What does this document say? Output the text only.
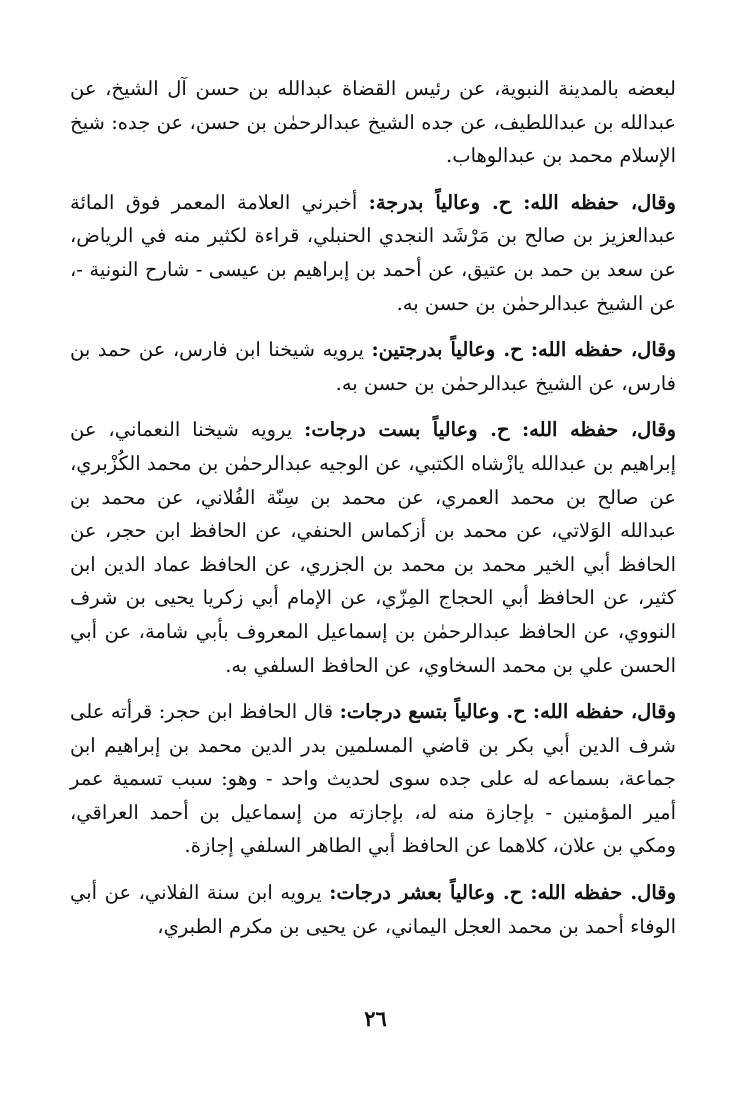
لبعضه بالمدينة النبوية، عن رئيس القضاة عبدالله بن حسن آل الشيخ، عن عبدالله بن عبداللطيف، عن جده الشيخ عبدالرحمٰن بن حسن، عن جده: شيخ الإسلام محمد بن عبدالوهاب.

وقال، حفظه الله: ح. وعالياً بدرجة: أخبرني العلامة المعمر فوق المائة عبدالعزيز بن صالح بن مَرْشَد النجدي الحنبلي، قراءة لكثير منه في الرياض، عن سعد بن حمد بن عتيق، عن أحمد بن إبراهيم بن عيسى - شارح النونية -، عن الشيخ عبدالرحمٰن بن حسن به.

وقال، حفظه الله: ح. وعالياً بدرجتين: يرويه شيخنا ابن فارس، عن حمد بن فارس، عن الشيخ عبدالرحمٰن بن حسن به.

وقال، حفظه الله: ح. وعالياً بست درجات: يرويه شيخنا النعماني، عن إبراهيم بن عبدالله يازْشاه الكتبي، عن الوجيه عبدالرحمٰن بن محمد الكُزْبري، عن صالح بن محمد العمري، عن محمد بن سِنّة الفُلاني، عن محمد بن عبدالله الوَلاتي، عن محمد بن أزكماس الحنفي، عن الحافظ ابن حجر، عن الحافظ أبي الخير محمد بن محمد بن الجزري، عن الحافظ عماد الدين ابن كثير، عن الحافظ أبي الحجاج المِزّي، عن الإمام أبي زكريا يحيى بن شرف النووي، عن الحافظ عبدالرحمٰن بن إسماعيل المعروف بأبي شامة، عن أبي الحسن علي بن محمد السخاوي، عن الحافظ السلفي به.

وقال، حفظه الله: ح. وعالياً بتسع درجات: قال الحافظ ابن حجر: قرأته على شرف الدين أبي بكر بن قاضي المسلمين بدر الدين محمد بن إبراهيم ابن جماعة، بسماعه له على جده سوى لحديث واحد - وهو: سبب تسمية عمر أمير المؤمنين - بإجازة منه له، بإجازته من إسماعيل بن أحمد العراقي، ومكي بن علان، كلاهما عن الحافظ أبي الطاهر السلفي إجازة.

وقال. حفظه الله: ح. وعالياً بعشر درجات: يرويه ابن سنة الفلاني، عن أبي الوفاء أحمد بن محمد العجل اليماني، عن يحيى بن مكرم الطبري،

٢٦
